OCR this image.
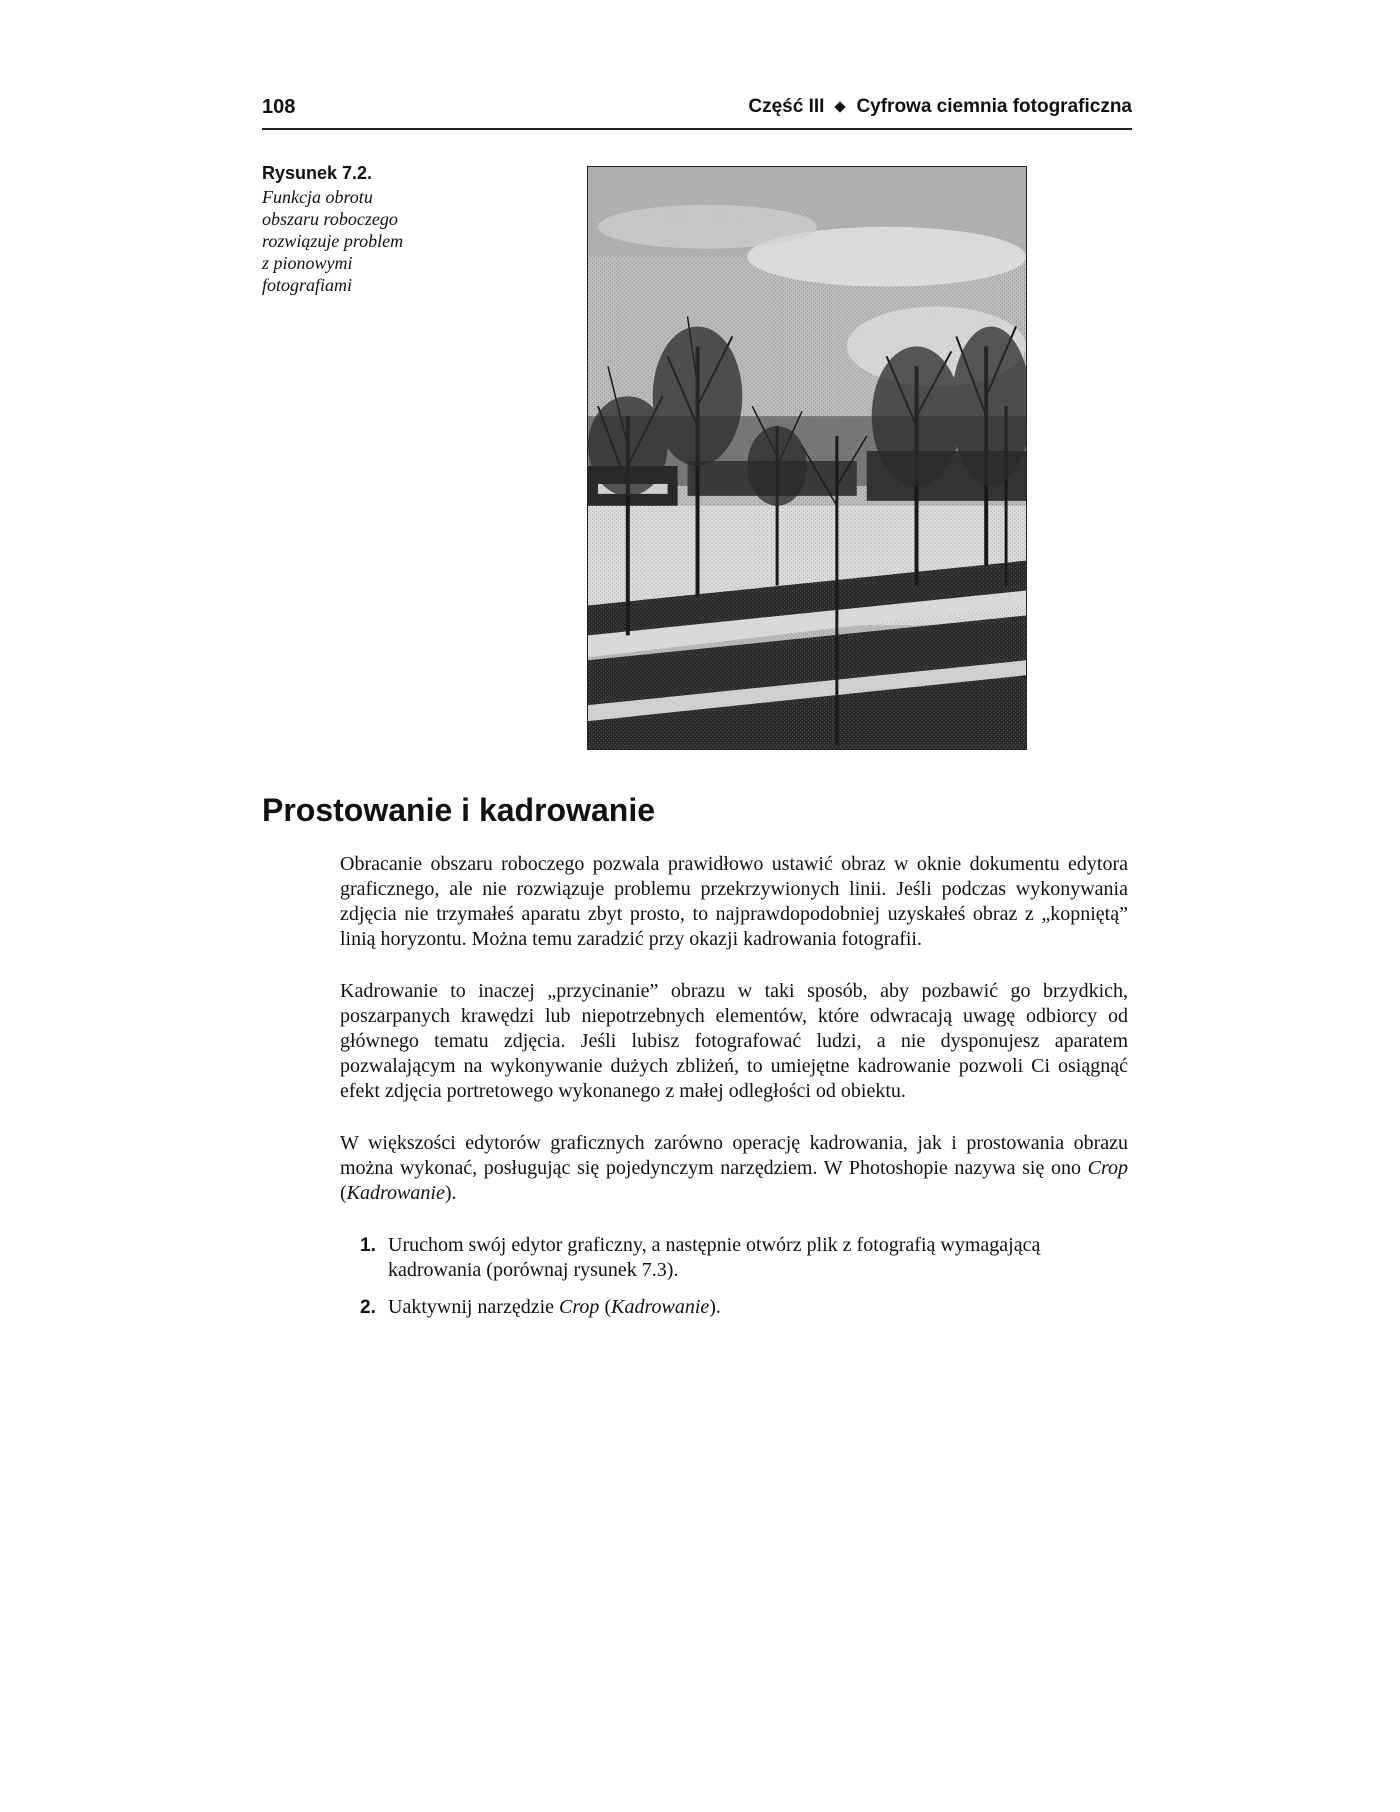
108	Część III Cyfrowa ciemnia fotograficzna
Rysunek 7.2.
Funkcja obrotu
obszaru roboczego
rozwiązuje problem
z pionowymi
fotografiami
Prostowanie i kadrowanie

Obracanie obszaru roboczego pozwala prawidłowo ustawić obraz w oknie dokumentu edytora graficznego, ale nie rozwiązuje problemu przekrzywionych linii. Jeśli podczas wykonywania zdjęcia nie trzymałeś aparatu zbyt prosto, to najprawdopodobniej uzyskałeś obraz z „kopniętą” linią horyzontu. Można temu zaradzić przy okazji kadrowania fotografii.

Kadrowanie to inaczej „przycinanie” obrazu w taki sposób, aby pozbawić go brzydkich, poszarpanych krawędzi lub niepotrzebnych elementów, które odwracają uwagę odbiorcy od głównego tematu zdjęcia. Jeśli lubisz fotografować ludzi, a nie dysponujesz aparatem pozwalającym na wykonywanie dużych zbliżeń, to umiejętne kadrowanie pozwoli Ci osiągnąć efekt zdjęcia portretowego wykonanego z małej odległości od obiektu.

W większości edytorów graficznych zarówno operację kadrowania, jak i prostowania obrazu można wykonać, posługując się pojedynczym narzędziem. W Photoshopie nazywa się ono Crop (Kadrowanie).

1. Uruchom swój edytor graficzny, a następnie otwórz plik z fotografią wymagającą kadrowania (porównaj rysunek 7.3).
2. Uaktywnij narzędzie Crop (Kadrowanie).
